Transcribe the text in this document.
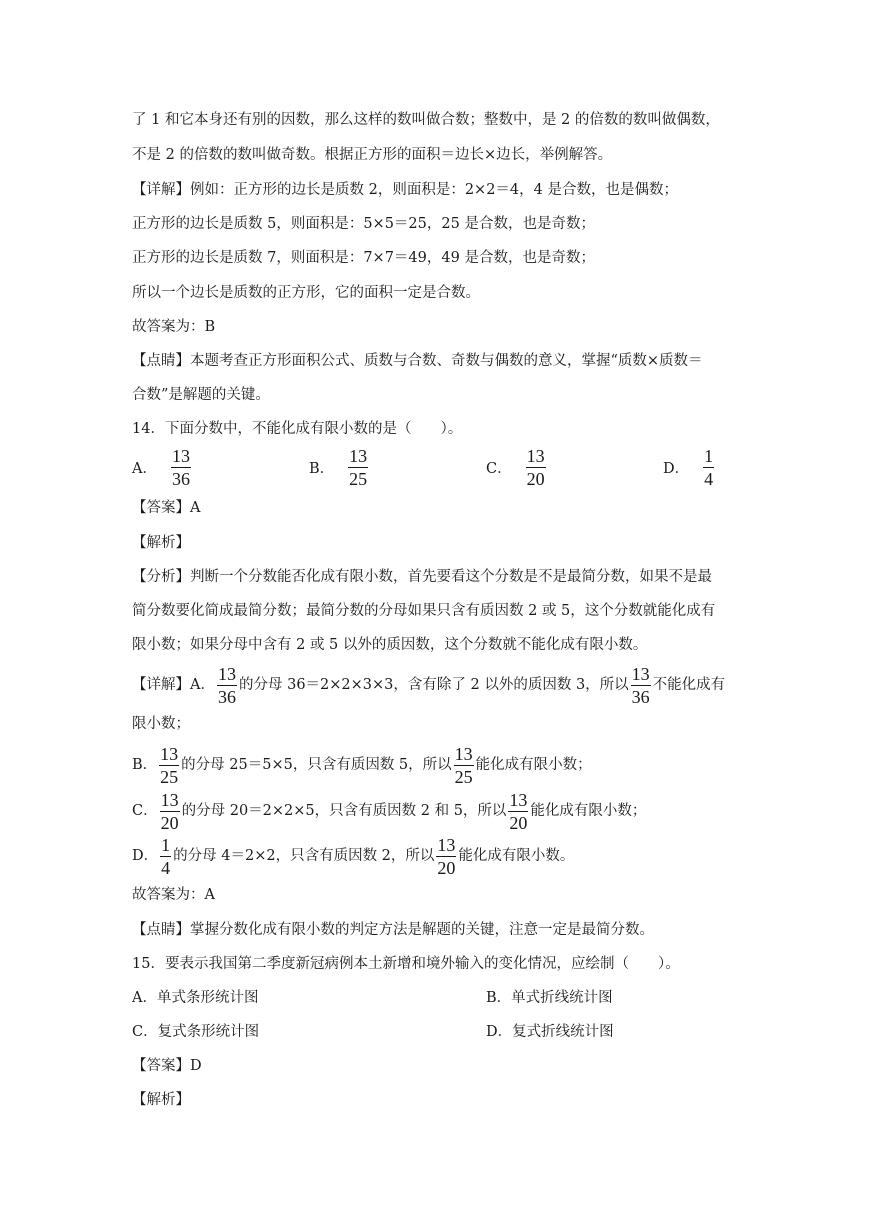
了 1 和它本身还有别的因数，那么这样的数叫做合数；整数中，是 2 的倍数的数叫做偶数，
不是 2 的倍数的数叫做奇数。根据正方形的面积＝边长×边长，举例解答。
【详解】例如：正方形的边长是质数 2，则面积是：2×2＝4，4 是合数，也是偶数；
正方形的边长是质数 5，则面积是：5×5＝25，25 是合数，也是奇数；
正方形的边长是质数 7，则面积是：7×7＝49，49 是合数，也是奇数；
所以一个边长是质数的正方形，它的面积一定是合数。
故答案为：B
【点睛】本题考查正方形面积公式、质数与合数、奇数与偶数的意义，掌握“质数×质数＝
合数”是解题的关键。
14．下面分数中，不能化成有限小数的是（　　）。
A． $\frac{13}{36}$	B． $\frac{13}{25}$	C． $\frac{13}{20}$	D． $\frac{1}{4}$
【答案】A
【解析】
【分析】判断一个分数能否化成有限小数，首先要看这个分数是不是最简分数，如果不是最
简分数要化简成最简分数；最简分数的分母如果只含有质因数 2 或 5，这个分数就能化成有
限小数；如果分母中含有 2 或 5 以外的质因数，这个分数就不能化成有限小数。
【详解】A． $\frac{13}{36}$ 的分母 36＝2×2×3×3，含有除了 2 以外的质因数 3，所以 $\frac{13}{36}$ 不能化成有
限小数；
B． $\frac{13}{25}$ 的分母 25＝5×5，只含有质因数 5，所以 $\frac{13}{25}$ 能化成有限小数；
C． $\frac{13}{20}$ 的分母 20＝2×2×5，只含有质因数 2 和 5，所以 $\frac{13}{20}$ 能化成有限小数；
D． $\frac{1}{4}$ 的分母 4＝2×2，只含有质因数 2，所以 $\frac{13}{20}$ 能化成有限小数。
故答案为：A
【点睛】掌握分数化成有限小数的判定方法是解题的关键，注意一定是最简分数。
15．要表示我国第二季度新冠病例本土新增和境外输入的变化情况，应绘制（　　）。
A．单式条形统计图	B．单式折线统计图
C．复式条形统计图	D．复式折线统计图
【答案】D
【解析】
